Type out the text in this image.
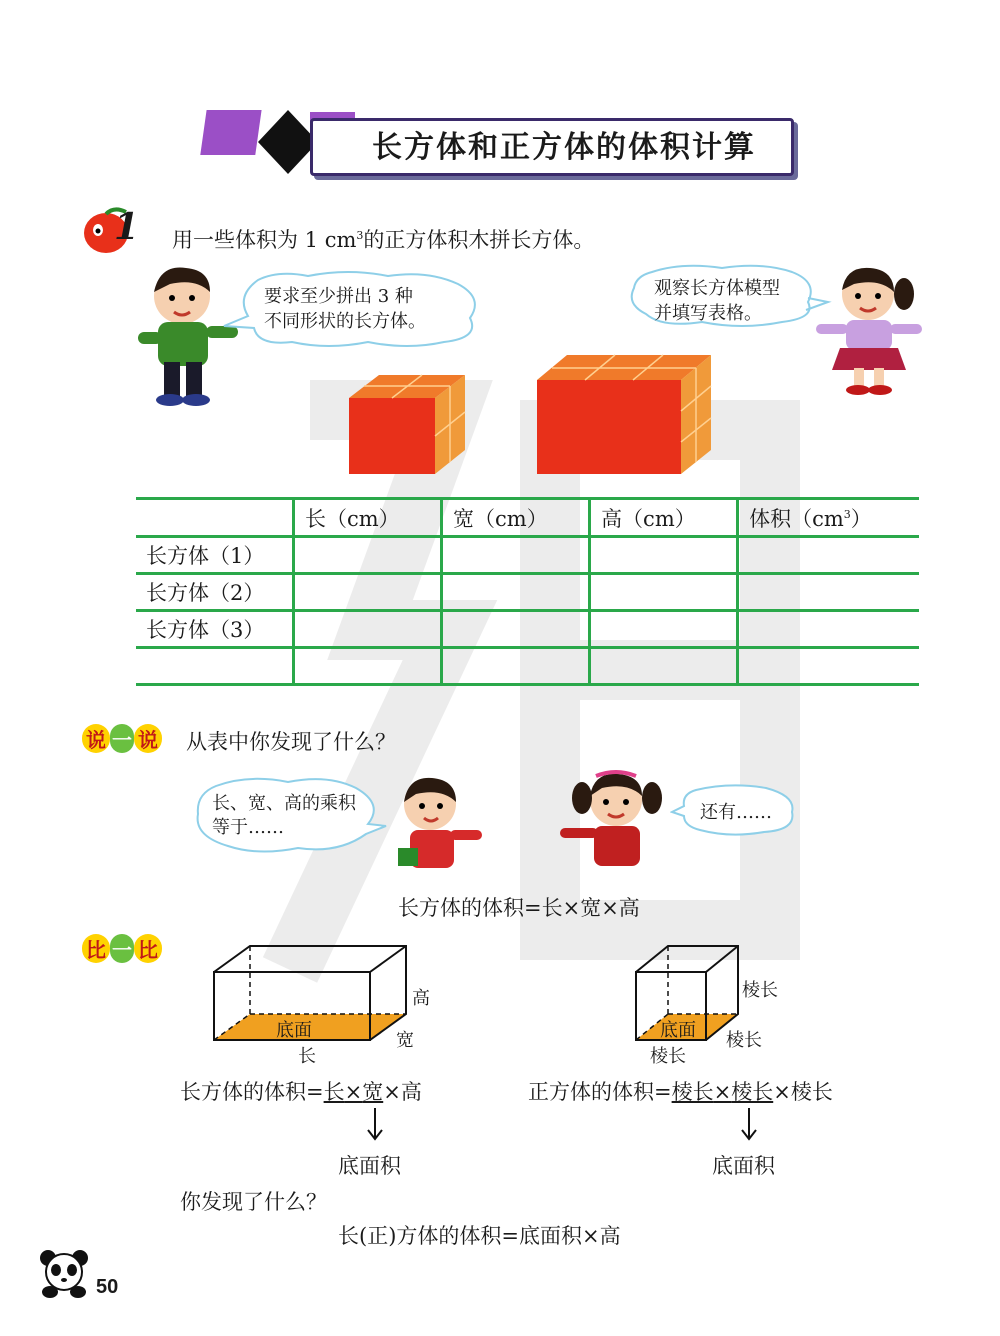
长方体和正方体的体积计算
1 用一些体积为 1 $cm^3$的正方体积木拼长方体。
要求至少拼出 3 种
不同形状的长方体。
观察长方体模型
并填写表格。
	长（cm）	宽（cm）	高（cm）	体积$(cm^3)$
长方体（1）				
长方体（2）				
长方体（3）				

说 一 说 从表中你发现了什么？
长、宽、高的乘积
等于……
还有……
长方体的体积=长×宽×高
比 一 比
高
底面
长
宽
棱长
底面
棱长
棱长
长方体的体积=长×宽×高	正方体的体积=棱长×棱长×棱长
底面积	底面积
你发现了什么？
长(正)方体的体积=底面积×高
50
